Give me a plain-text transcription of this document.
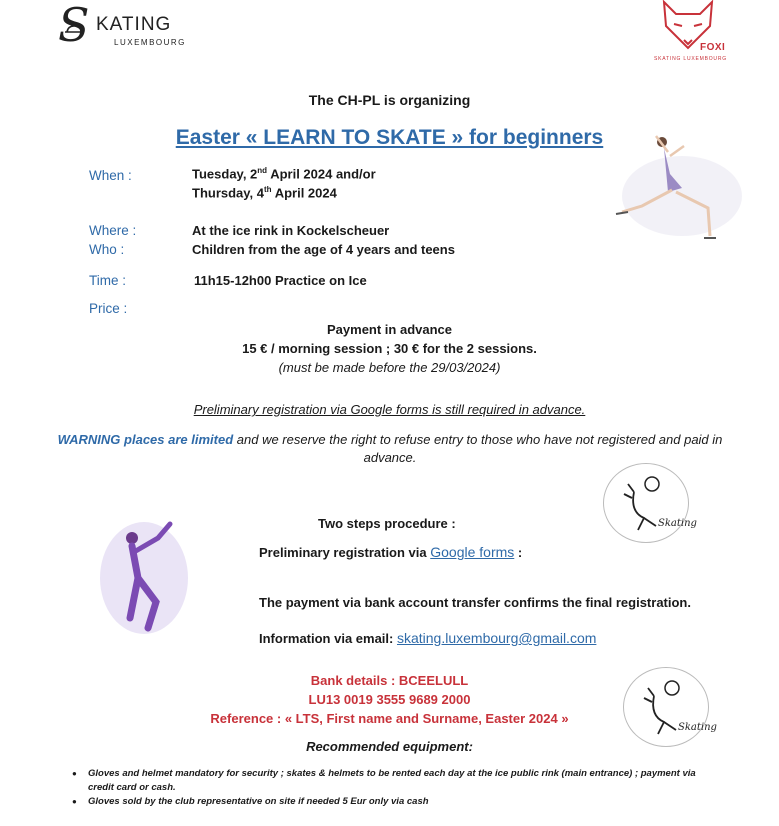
S KATING
LUXEMBOURG	FOXI
SKATING LUXEMBOURG
The CH-PL is organizing
Easter « LEARN TO SKATE » for beginners
When :	Tuesday, 2nd April 2024 and/or
Thursday, 4th April 2024
Where :	At the ice rink in Kockelscheuer
Who :	Children from the age of 4 years and teens
Time :	11h15-12h00 Practice on Ice
Price :
Payment in advance
15 € / morning session ; 30 € for the 2 sessions.
(must be made before the 29/03/2024)
Preliminary registration via Google forms is still required in advance.
WARNING places are limited and we reserve the right to refuse entry to those who have not registered and paid in advance.
Skating
Two steps procedure :
Preliminary registration via Google forms :
The payment via bank account transfer confirms the final registration.
Information via email: skating.luxembourg@gmail.com
Bank details : BCEELULL
LU13 0019 3555 9689 2000
Reference : « LTS, First name and Surname, Easter 2024 »
Skating
Recommended equipment:
● Gloves and helmet mandatory for security ; skates & helmets to be rented each day at the ice public rink (main entrance) ; payment via credit card or cash.
● Gloves sold by the club representative on site if needed 5 Eur only via cash
